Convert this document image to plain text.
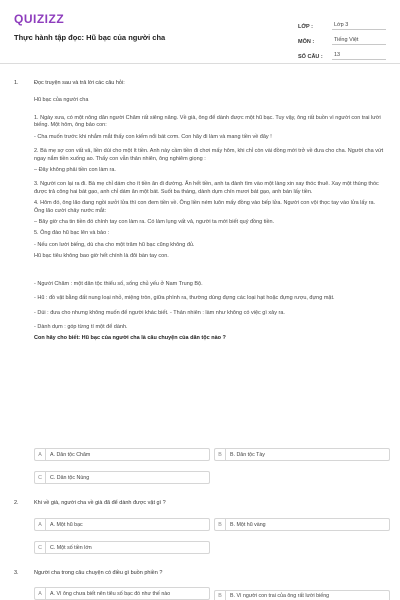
QUIZIZZ
Thực hành tập đọc: Hũ bạc của người cha
LỚP :	Lớp 3
MÔN :	Tiếng Việt
SỐ CÂU :	13
1.	Đọc truyện sau và trả lời các câu hỏi:

Hũ bạc của người cha

1. Ngày xưa, có một nông dân người Chăm rất siêng năng. Về già, ông để dành được một hũ bạc. Tuy vậy, ông rất buồn vì người con trai lười biếng. Một hôm, ông bảo con:

- Cha muốn trước khi nhắm mắt thấy con kiếm nổi bát cơm. Con hãy đi làm và mang tiền về đây !

2. Bà mẹ sợ con vất vả, liền dúi cho một ít tiền. Anh này cầm tiền đi chơi mấy hôm, khi chỉ còn vài đồng mới trở về đưa cho cha. Người cha vứt ngay nắm tiền xuống ao. Thấy con vẫn thản nhiên, ông nghiêm giọng :

– Đây không phải tiền con làm ra.

3. Người con lại ra đi. Bà mẹ chỉ dám cho ít tiền ăn đi đường. Ăn hết tiền, anh ta đành tìm vào một làng xin xay thóc thuê. Xay một thúng thóc được trả công hai bát gạo, anh chỉ dám ăn một bát. Suốt ba tháng, dành dụm chín mươi bát gạo, anh bán lấy tiền.

4. Hôm đó, ông lão đang ngồi sưởi lửa thì con đem tiền về. Ông liền ném luôn mấy đồng vào bếp lửa. Người con vội thọc tay vào lửa lấy ra. Ông lão cười chảy nước mắt:

– Bây giờ cha tin tiền đó chính tay con làm ra. Có làm lụng vất vả, người ta mới biết quý đồng tiền.

5. Ông đào hũ bạc lên và bảo :

- Nếu con lười biếng, dù cha cho một trăm hũ bạc cũng không đủ.

Hũ bạc tiêu không bao giờ hết chính là đôi bàn tay con.

- Người Chăm : một dân tộc thiểu số, sống chủ yếu ở Nam Trung Bộ.

- Hũ : đồ vật bằng đất nung loại nhỏ, miệng tròn, giữa phình ra, thường dùng đựng các loại hạt hoặc đựng rượu, đựng mật.

- Dúi : đưa cho nhưng không muốn để người khác biết. - Thản nhiên : làm như không có việc gì xảy ra.

- Dành dụm : góp từng tí một để dành.

Con hãy cho biết: Hũ bạc của người cha là câu chuyện của dân tộc nào ?

A	A. Dân tộc Chăm	B	B. Dân tộc Tày
C	C. Dân tộc Nùng
2.	Khi về già, người cha về già đã để dành được vật gì ?

A	A. Một hũ bạc	B	B. Một hũ vàng
C	C. Một số tiền lớn
3.	Người cha trong câu chuyện có điều gì buồn phiền ?

A	A. Vì ông chưa biết nên tiêu số bạc đó như thế nào	B	B. Vì người con trai của ông rất lười biếng
